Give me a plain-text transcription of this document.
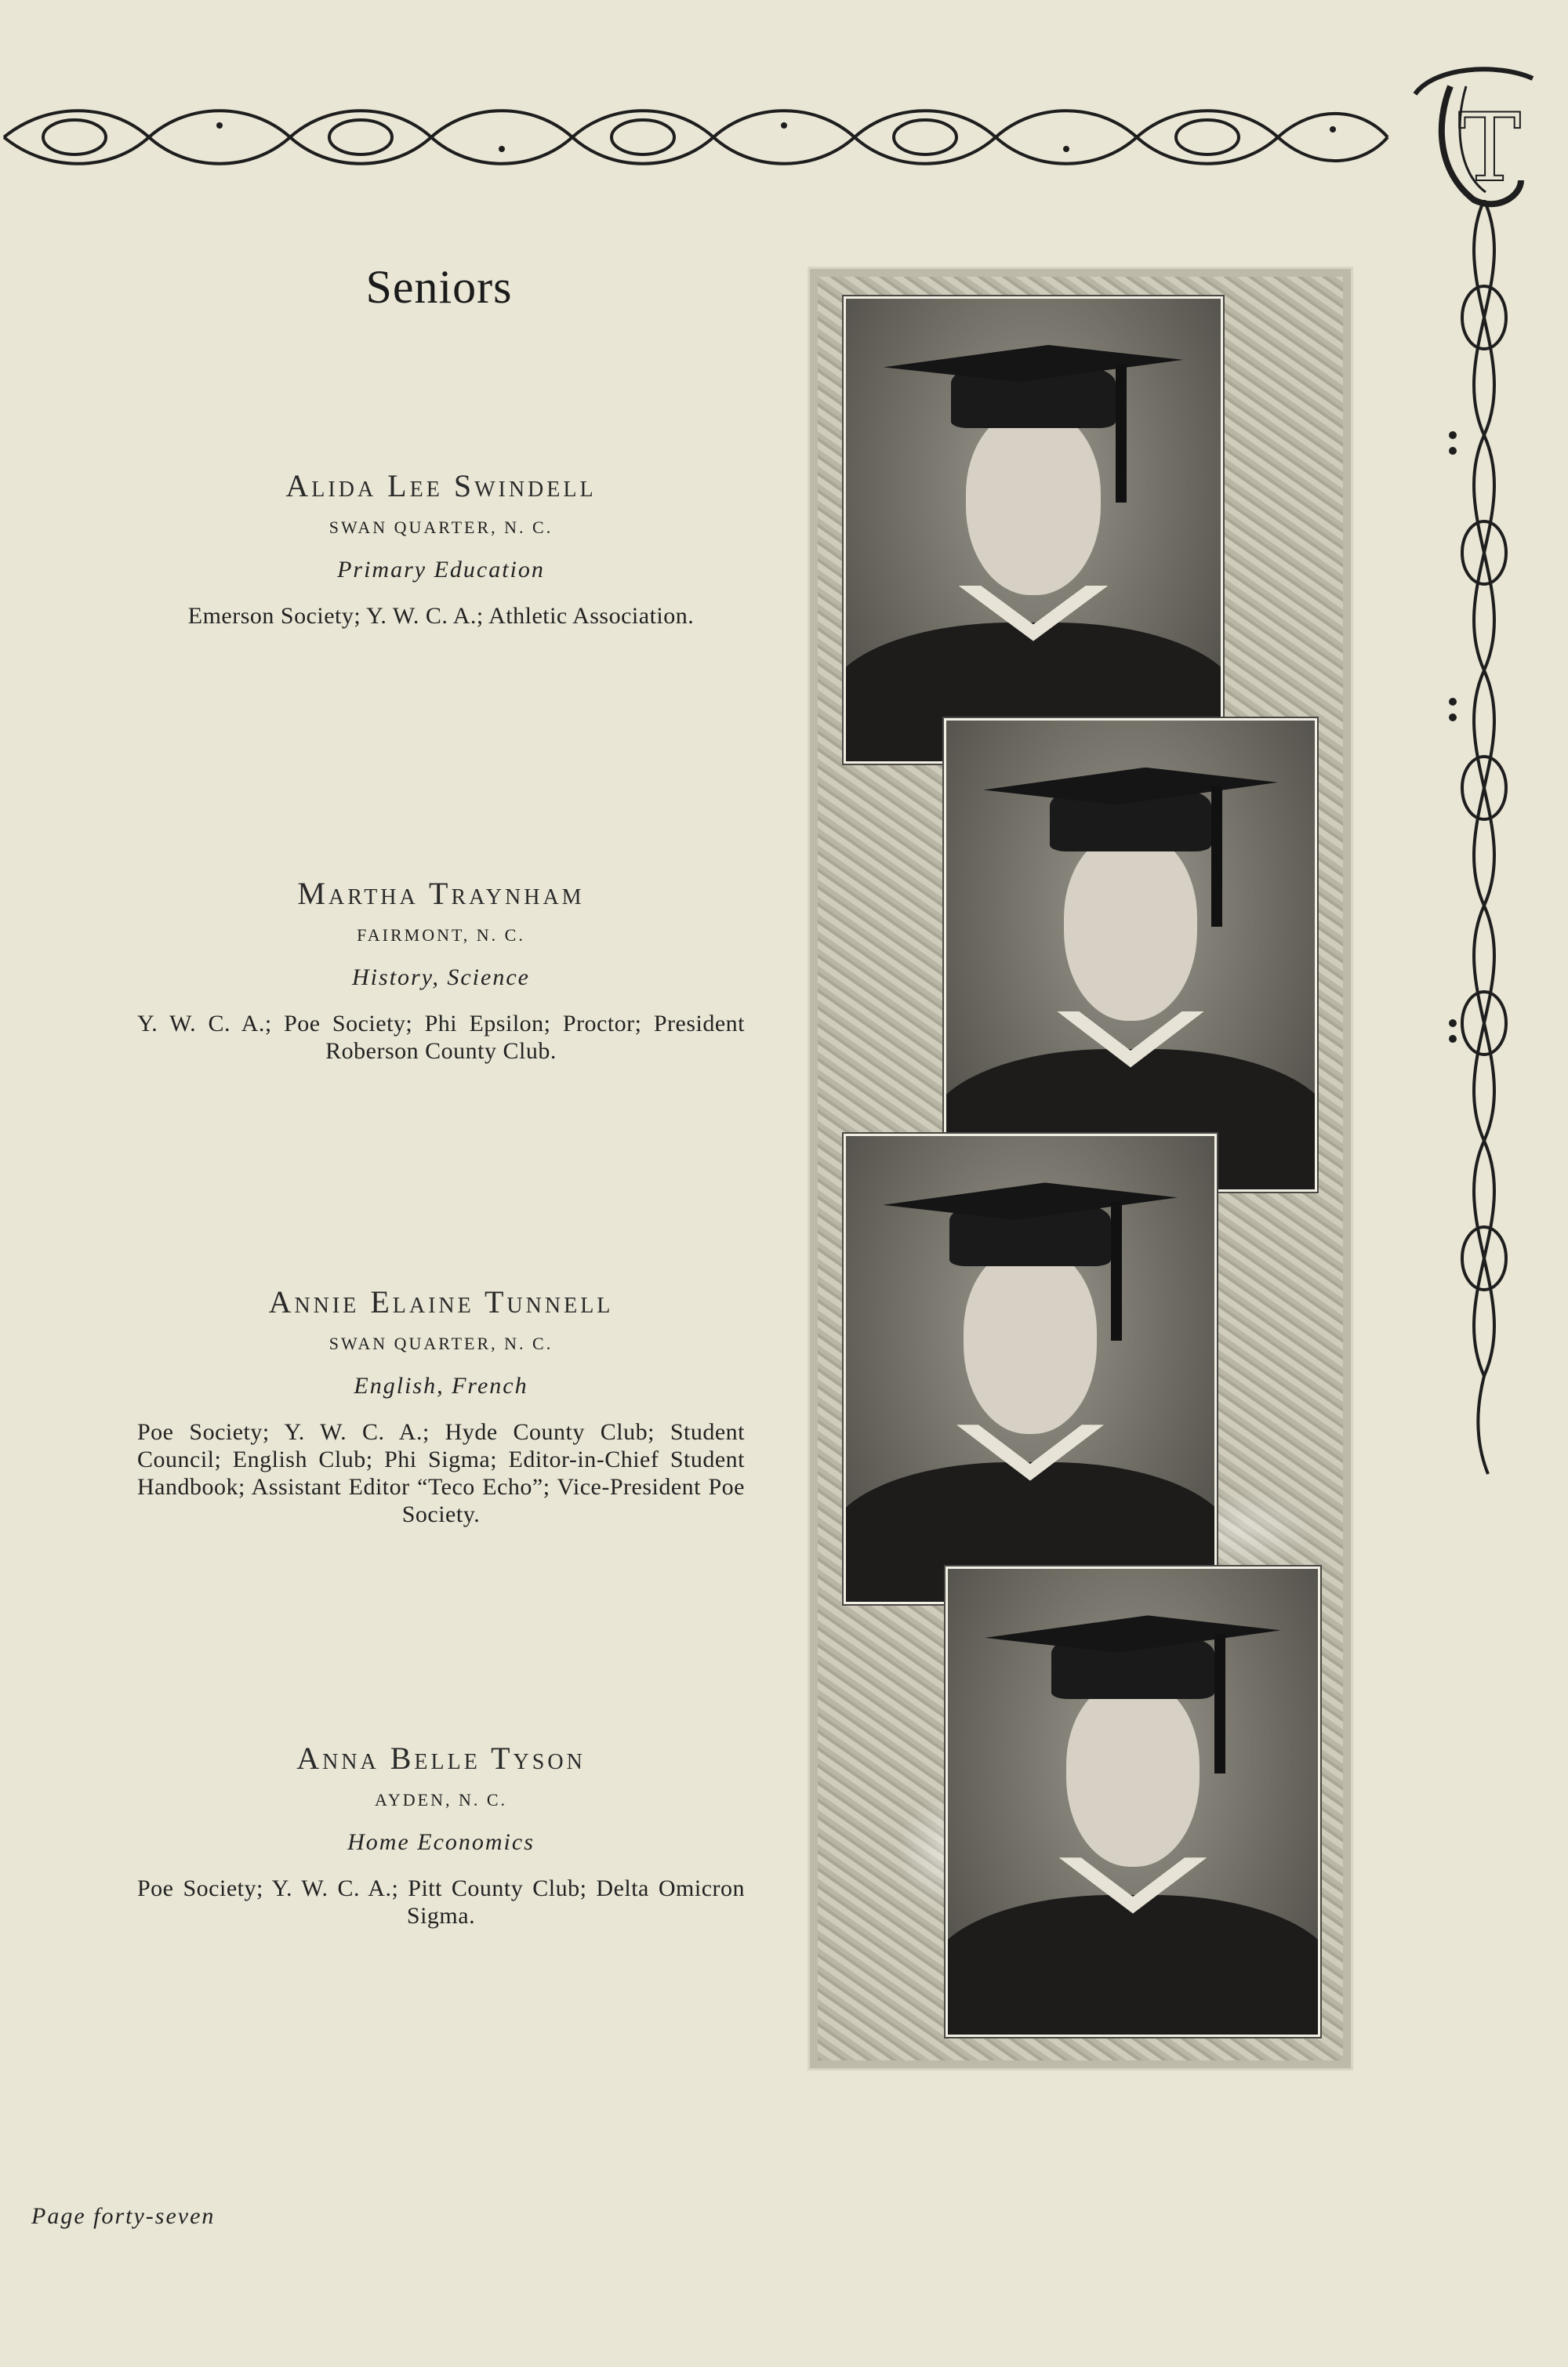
T
Seniors
Alida Lee Swindell
SWAN QUARTER, N. C.
Primary Education
Emerson Society; Y. W. C. A.; Athletic Association.
Martha Traynham
FAIRMONT, N. C.
History, Science
Y. W. C. A.; Poe Society; Phi Epsilon; Proctor; President Roberson County Club.
Annie Elaine Tunnell
SWAN QUARTER, N. C.
English, French
Poe Society; Y. W. C. A.; Hyde County Club; Student Council; English Club; Phi Sigma; Editor-in-Chief Student Handbook; Assistant Editor “Teco Echo”; Vice-President Poe Society.
Anna Belle Tyson
AYDEN, N. C.
Home Economics
Poe Society; Y. W. C. A.; Pitt County Club; Delta Omicron Sigma.
Page forty-seven
